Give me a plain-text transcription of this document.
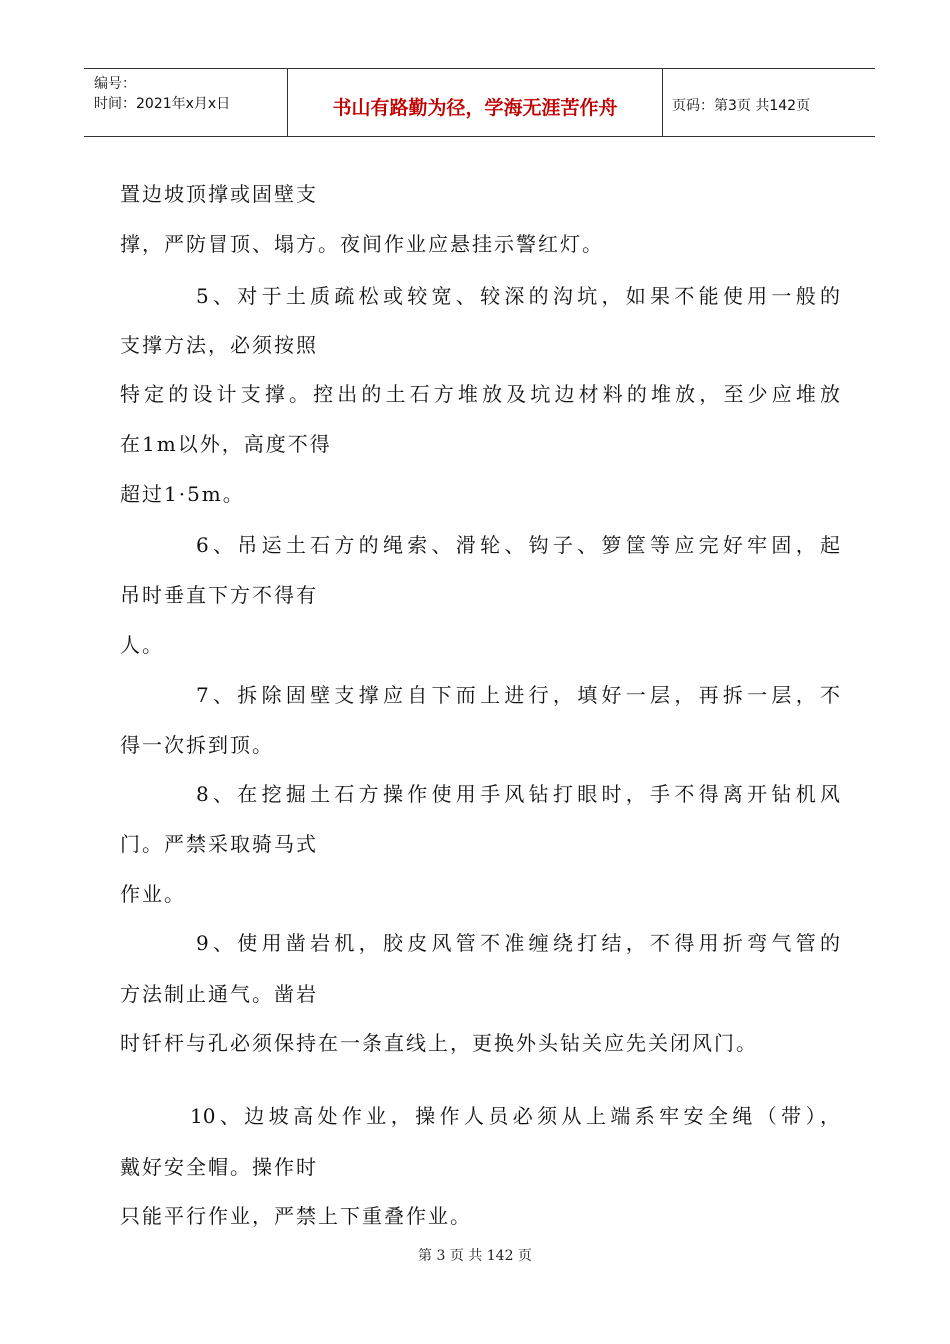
编号：
时间：2021年x月x日	书山有路勤为径，学海无涯苦作舟	页码：第3页 共142页

置边坡顶撑或固壁支

撑，严防冒顶、塌方。夜间作业应悬挂示警红灯。

5、对于土质疏松或较宽、较深的沟坑，如果不能使用一般的

支撑方法，必须按照

特定的设计支撑。控出的土石方堆放及坑边材料的堆放，至少应堆放

在1m以外，高度不得

超过1·5m。

6、吊运土石方的绳索、滑轮、钩子、箩筐等应完好牢固，起

吊时垂直下方不得有

人。

7、拆除固壁支撑应自下而上进行，填好一层，再拆一层，不

得一次拆到顶。

8、在挖掘土石方操作使用手风钻打眼时，手不得离开钻机风

门。严禁采取骑马式

作业。

9、使用凿岩机，胶皮风管不准缠绕打结，不得用折弯气管的

方法制止通气。凿岩

时钎杆与孔必须保持在一条直线上，更换外头钻关应先关闭风门。

10、边坡高处作业，操作人员必须从上端系牢安全绳（带），

戴好安全帽。操作时

只能平行作业，严禁上下重叠作业。

第 3 页 共 142 页
